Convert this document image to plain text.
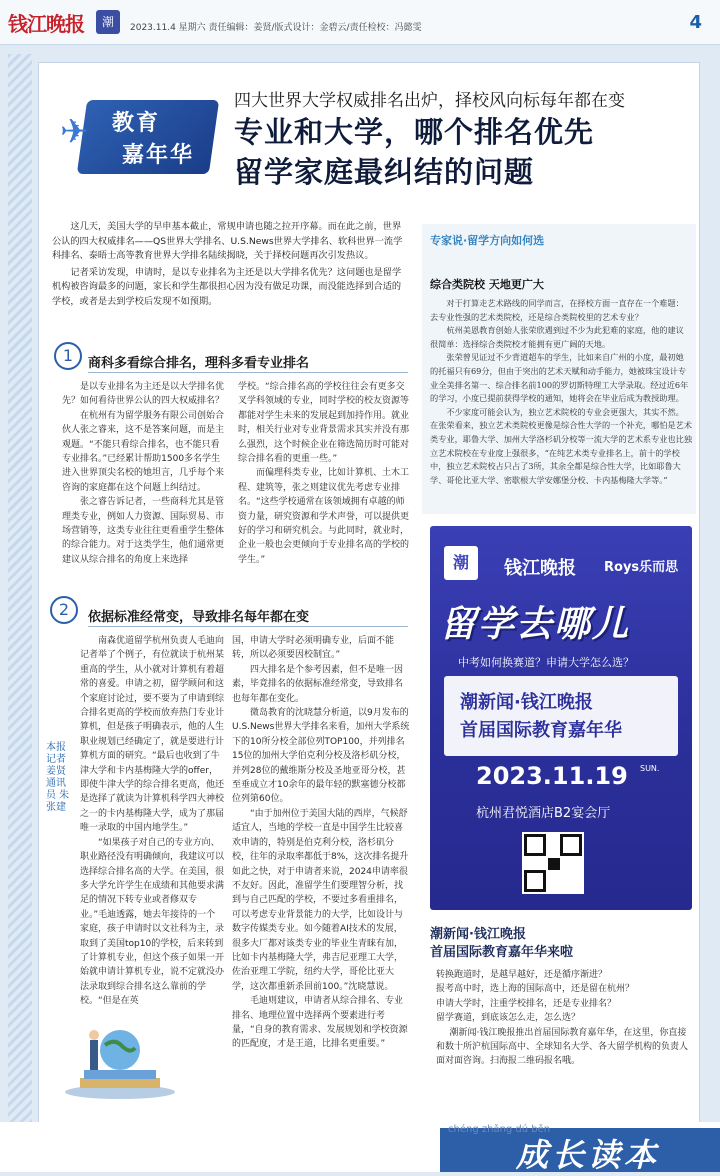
钱江晚报	潮	2023.11.4 星期六 责任编辑：姜贤/版式设计：金碧云/责任检校：冯懿雯	4
✈ 教育
嘉年华
四大世界大学权威排名出炉，择校风向标每年都在变
专业和大学，哪个排名优先
留学家庭最纠结的问题

这几天，美国大学的早申基本截止，常规申请也随之拉开序幕。而在此之前，世界公认的四大权威排名——QS世界大学排名、U.S.News世界大学排名、软科世界一流学科排名、泰晤士高等教育世界大学排名陆续揭晓，关于择校问题再次引发热议。

记者采访发现，申请时，是以专业排名为主还是以大学排名优先？这问题也是留学机构被咨询最多的问题，家长和学生都很担心因为没有做足功课，而没能选择到合适的学校，或者是去到学校后发现不如预期。

1	商科多看综合排名，理科多看专业排名

是以专业排名为主还是以大学排名优先？如何看待世界公认的四大权威排名？

在杭州有为留学服务有限公司创始合伙人张之睿来，这不是答案问题，而是主观题。“不能只看综合排名，也不能只看专业排名。”已经累计帮助1500多名学生进入世界顶尖名校的她坦言，几乎每个来咨询的家庭都在这个问题上纠结过。

张之睿告诉记者，一些商科尤其是管理类专业，例如人力资源、国际贸易、市场营销等，这类专业往往更看重学生整体的综合能力。对于这类学生，他们通常更建议从综合排名的角度上来选择

学校。“综合排名高的学校往往会有更多交叉学科领域的专业，同时学校的校友资源等都能对学生未来的发展起到加持作用。就业时，相关行业对专业背景需求其实并没有那么强烈，这个时候企业在筛选简历时可能对综合排名看的更重一些。”

而偏理科类专业，比如计算机、土木工程、建筑等，张之则建议优先考虑专业排名。“这些学校通常在该领域拥有卓越的师资力量，研究资源和学术声誉，可以提供更好的学习和研究机会。与此同时，就业时，企业一般也会更倾向于专业排名高的学校的学生。”

2	依据标准经常变，导致排名每年都在变

南森优道留学杭州负责人毛迪向记者举了个例子，有位就读于杭州某重高的学生，从小就对计算机有着超常的喜爱。申请之初，留学顾问和这个家庭讨论过，要不要为了申请到综合排名更高的学校而放弃热门专业计算机，但是孩子明确表示，他的人生职业规划已经确定了，就是要进行计算机方面的研究。“最后也收到了牛津大学和卡内基梅隆大学的offer，即使牛津大学的综合排名更高，他还是选择了就读为计算机科学四大神校之一的卡内基梅隆大学，成为了那届唯一录取的中国内地学生。”

“如果孩子对自己的专业方向、职业路径没有明确倾向，我建议可以选择综合排名高的大学。在美国，很多大学允许学生在成绩和其他要求满足的情况下转专业或者修双专业。”毛迪透露，她去年接待的一个家庭，孩子申请时以文社科为主，录取到了美国top10的学校，后来转到了计算机专业，但这个孩子如果一开始就申请计算机专业，说不定就没办法录取到综合排名这么靠前的学校。“但是在英

国，申请大学时必须明确专业，后面不能转，所以必须要因校制宜。”

四大排名是个参考因素，但不是唯一因素，毕竟排名的依据标准经常变，导致排名也每年都在变化。

微岛教育的沈晓慧分析道，以9月发布的U.S.News世界大学排名来看，加州大学系统下的10所分校全部位列TOP100，并列排名15位的加州大学伯克利分校及洛杉矶分校，并列28位的戴维斯分校及圣地亚哥分校，甚至垂成立才10余年的最年轻的默塞德分校都位列第60位。

“由于加州位于美国大陆的西岸，气候舒适宜人，当地的学校一直是中国学生比较喜欢申请的，特别是伯克利分校，洛杉矶分校，往年的录取率都低于8%，这次排名提升如此之快，对于申请者来说，2024申请率很不友好。因此，准留学生们要理智分析，找到与自己匹配的学校，不要过多看重排名，可以考虑专业背景能力的大学，比如设计与数字传媒类专业。如今随着AI技术的发展，很多大厂都对该类专业的毕业生青睐有加，比如卡内基梅隆大学，弗吉尼亚理工大学，佐治亚理工学院，纽约大学，哥伦比亚大学，这次都重新杀回前100。”沈晓慧说。

毛迪则建议，申请者从综合排名、专业排名、地理位置中选择两个要素进行考量，“自身的教育需求、发展规划和学校资源的匹配度，才是王道，比排名更重要。”

本报记者 姜贤 通讯员 朱张建
专家说·留学方向如何选
综合类院校 天地更广大

对于打算走艺术路线的同学而言，在择校方面一直存在一个难题：去专业性强的艺术类院校，还是综合类院校里的艺术专业？

杭州美恩教育创始人张荣欣遇到过不少为此犯难的家庭，他的建议很简单：选择综合类院校才能拥有更广阔的天地。

张荣曾见证过不少背道超车的学生，比如来自广州的小度，最初她的托福只有69分，但由于突出的艺术天赋和动手能力，她被珠宝设计专业全美排名第一、综合排名前100的罗切斯特理工大学录取。经过近6年的学习，小度已提前获得学校的通知，她将会在毕业后成为教授助理。

不少家度可能会认为，独立艺术院校的专业会更强大，其实不然。在张荣看来，独立艺术类院校更像是综合性大学的一个补充，哪怕是艺术类专业，耶鲁大学、加州大学洛杉矶分校等一流大学的艺术系专业也比独立艺术院校在专业度上强很多，“在纯艺术类专业排名上，前十的学校中，独立艺术院校占只占了3所，其余全都是综合性大学，比如耶鲁大学、哥伦比亚大学、密歇根大学安娜堡分校、卡内基梅隆大学等。”

潮	钱江晚报 Roys乐而思
留学去哪儿
中考如何换赛道？申请大学怎么选？
潮新闻·钱江晚报
首届国际教育嘉年华
2023.11.19 SUN.
杭州君悦酒店B2宴会厅
潮新闻·钱江晚报
首届国际教育嘉年华来啦

转换跑道时，是越早越好，还是循序渐进？

报考高中时，选上海的国际高中，还是留在杭州？

申请大学时，注重学校排名，还是专业排名？

留学赛道，到底该怎么走，怎么选？

潮新闻·钱江晚报推出首届国际教育嘉年华，在这里，你直接和数十所沪杭国际高中、全球知名大学、各大留学机构的负责人面对面咨询。扫海报二维码报名哦。

chéng zhǎng dú běn
成长读本
